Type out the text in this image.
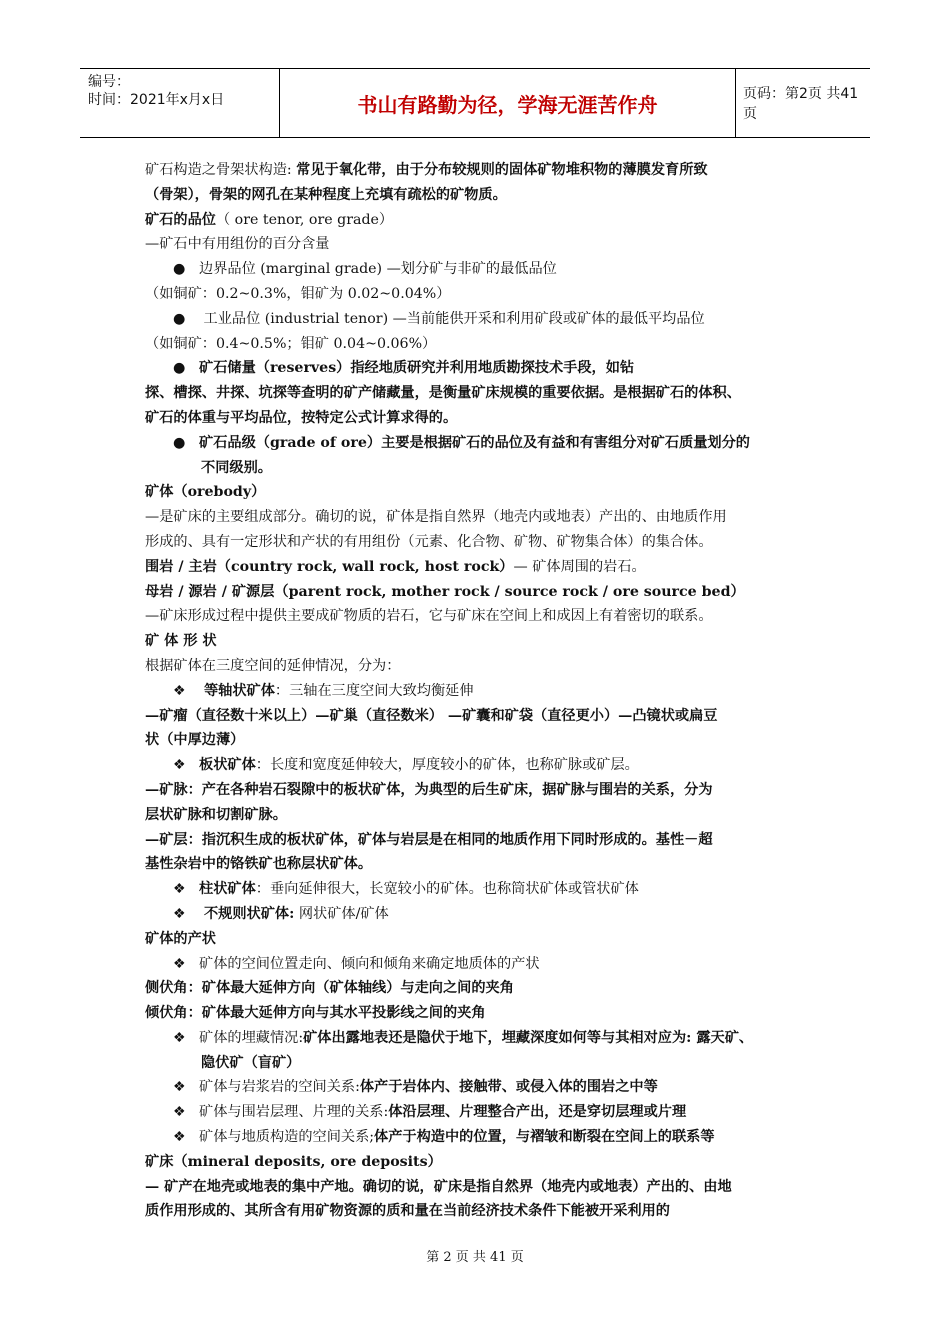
编号：
时间：2021年x月x日	书山有路勤为径，学海无涯苦作舟	页码：第2页 共41页
矿石构造之骨架状构造: 常见于氧化带，由于分布较规则的固体矿物堆积物的薄膜发育所致
（骨架），骨架的网孔在某种程度上充填有疏松的矿物质。
矿石的品位（ ore tenor, ore grade）
—矿石中有用组份的百分含量
● 边界品位 (marginal grade) —划分矿与非矿的最低品位
（如铜矿：0.2~0.3%，钼矿为 0.02~0.04%）
● 工业品位 (industrial tenor) —当前能供开采和利用矿段或矿体的最低平均品位
（如铜矿：0.4~0.5%；钼矿 0.04~0.06%）
● 矿石储量（reserves）指经地质研究并利用地质勘探技术手段，如钻
探、槽探、井探、坑探等查明的矿产储藏量，是衡量矿床规模的重要依据。是根据矿石的体积、
矿石的体重与平均品位，按特定公式计算求得的。
● 矿石品级（grade of ore）主要是根据矿石的品位及有益和有害组分对矿石质量划分的
不同级别。
矿体（orebody）
—是矿床的主要组成部分。确切的说，矿体是指自然界（地壳内或地表）产出的、由地质作用
形成的、具有一定形状和产状的有用组份（元素、化合物、矿物、矿物集合体）的集合体。
围岩 / 主岩（country rock, wall rock, host rock）— 矿体周围的岩石。
母岩 / 源岩 / 矿源层（parent rock, mother rock / source rock / ore source bed）
—矿床形成过程中提供主要成矿物质的岩石，它与矿床在空间上和成因上有着密切的联系。
矿 体 形 状
根据矿体在三度空间的延伸情况，分为：
❖ 等轴状矿体：三轴在三度空间大致均衡延伸
—矿瘤（直径数十米以上）—矿巢（直径数米） —矿囊和矿袋（直径更小）—凸镜状或扁豆
状（中厚边薄）
❖ 板状矿体：长度和宽度延伸较大，厚度较小的矿体，也称矿脉或矿层。
—矿脉：产在各种岩石裂隙中的板状矿体，为典型的后生矿床，据矿脉与围岩的关系，分为
层状矿脉和切割矿脉。
—矿层：指沉积生成的板状矿体，矿体与岩层是在相同的地质作用下同时形成的。基性－超
基性杂岩中的铬铁矿也称层状矿体。
❖ 柱状矿体：垂向延伸很大，长宽较小的矿体。也称筒状矿体或管状矿体
❖ 不规则状矿体: 网状矿体/矿体
矿体的产状
❖ 矿体的空间位置走向、倾向和倾角来确定地质体的产状
侧伏角：矿体最大延伸方向（矿体轴线）与走向之间的夹角
倾伏角：矿体最大延伸方向与其水平投影线之间的夹角
❖ 矿体的埋藏情况:矿体出露地表还是隐伏于地下，埋藏深度如何等与其相对应为: 露天矿、
隐伏矿（盲矿）
❖ 矿体与岩浆岩的空间关系:体产于岩体内、接触带、或侵入体的围岩之中等
❖ 矿体与围岩层理、片理的关系:体沿层理、片理整合产出，还是穿切层理或片理
❖ 矿体与地质构造的空间关系;体产于构造中的位置，与褶皱和断裂在空间上的联系等
矿床（mineral deposits, ore deposits）
— 矿产在地壳或地表的集中产地。确切的说，矿床是指自然界（地壳内或地表）产出的、由地
质作用形成的、其所含有用矿物资源的质和量在当前经济技术条件下能被开采利用的
第 2 页 共 41 页
